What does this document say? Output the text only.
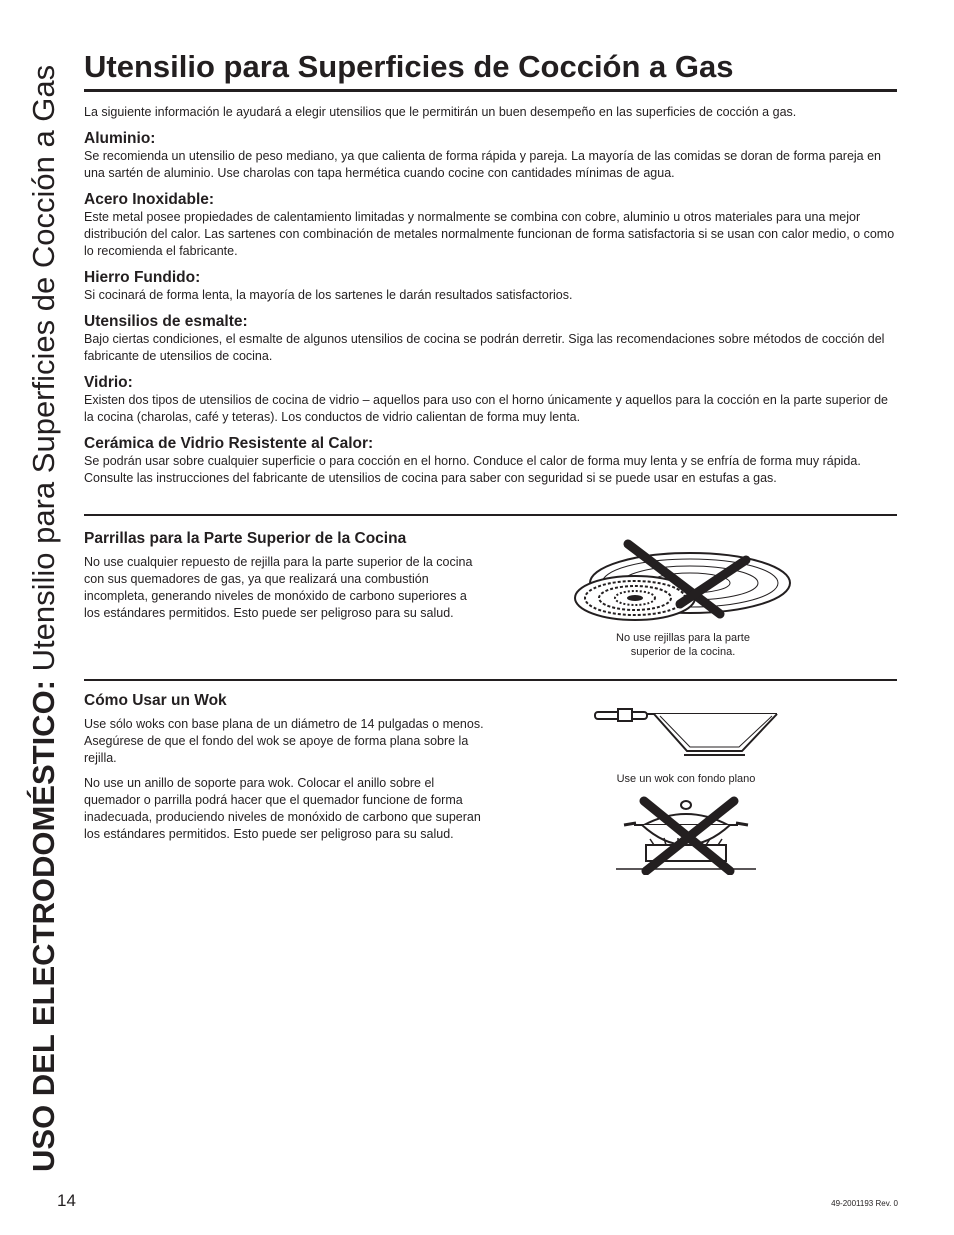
USO DEL ELECTRODOMÉSTICO: Utensilio para Superficies de Cocción a Gas Utensilio para Superficies de Cocción a Gas

La siguiente información le ayudará a elegir utensilios que le permitirán un buen desempeño en las superficies de cocción a gas.

Aluminio:

Se recomienda un utensilio de peso mediano, ya que calienta de forma rápida y pareja. La mayoría de las comidas se doran de forma pareja en una sartén de aluminio. Use charolas con tapa hermética cuando cocine con cantidades mínimas de agua.

Acero Inoxidable:

Este metal posee propiedades de calentamiento limitadas y normalmente se combina con cobre, aluminio u otros materiales para una mejor distribución del calor. Las sartenes con combinación de metales normalmente funcionan de forma satisfactoria si se usan con calor medio, o como lo recomienda el fabricante.

Hierro Fundido:

Si cocinará de forma lenta, la mayoría de los sartenes le darán resultados satisfactorios.

Utensilios de esmalte:

Bajo ciertas condiciones, el esmalte de algunos utensilios de cocina se podrán derretir. Siga las recomendaciones sobre métodos de cocción del fabricante de utensilios de cocina.

Vidrio:

Existen dos tipos de utensilios de cocina de vidrio – aquellos para uso con el horno únicamente y aquellos para la cocción en la parte superior de la cocina (charolas, café y teteras). Los conductos de vidrio calientan de forma muy lenta.

Cerámica de Vidrio Resistente al Calor:

Se podrán usar sobre cualquier superficie o para cocción en el horno. Conduce el calor de forma muy lenta y se enfría de forma muy rápida. Consulte las instrucciones del fabricante de utensilios de cocina para saber con seguridad si se puede usar en estufas a gas.

Parrillas para la Parte Superior de la Cocina

No use cualquier repuesto de rejilla para la parte superior de la cocina con sus quemadores de gas, ya que realizará una combustión incompleta, generando niveles de monóxido de carbono superiores a los estándares permitidos. Esto puede ser peligroso para su salud.

No use rejillas para la parte
superior de la cocina.
Cómo Usar un Wok

Use sólo woks con base plana de un diámetro de 14 pulgadas o menos. Asegúrese de que el fondo del wok se apoye de forma plana sobre la rejilla.

No use un anillo de soporte para wok. Colocar el anillo sobre el quemador o parrilla podrá hacer que el quemador funcione de forma inadecuada, produciendo niveles de monóxido de carbono que superan los estándares permitidos. Esto puede ser peligroso para su salud.

Use un wok con fondo plano
14	49-2001193 Rev. 0
